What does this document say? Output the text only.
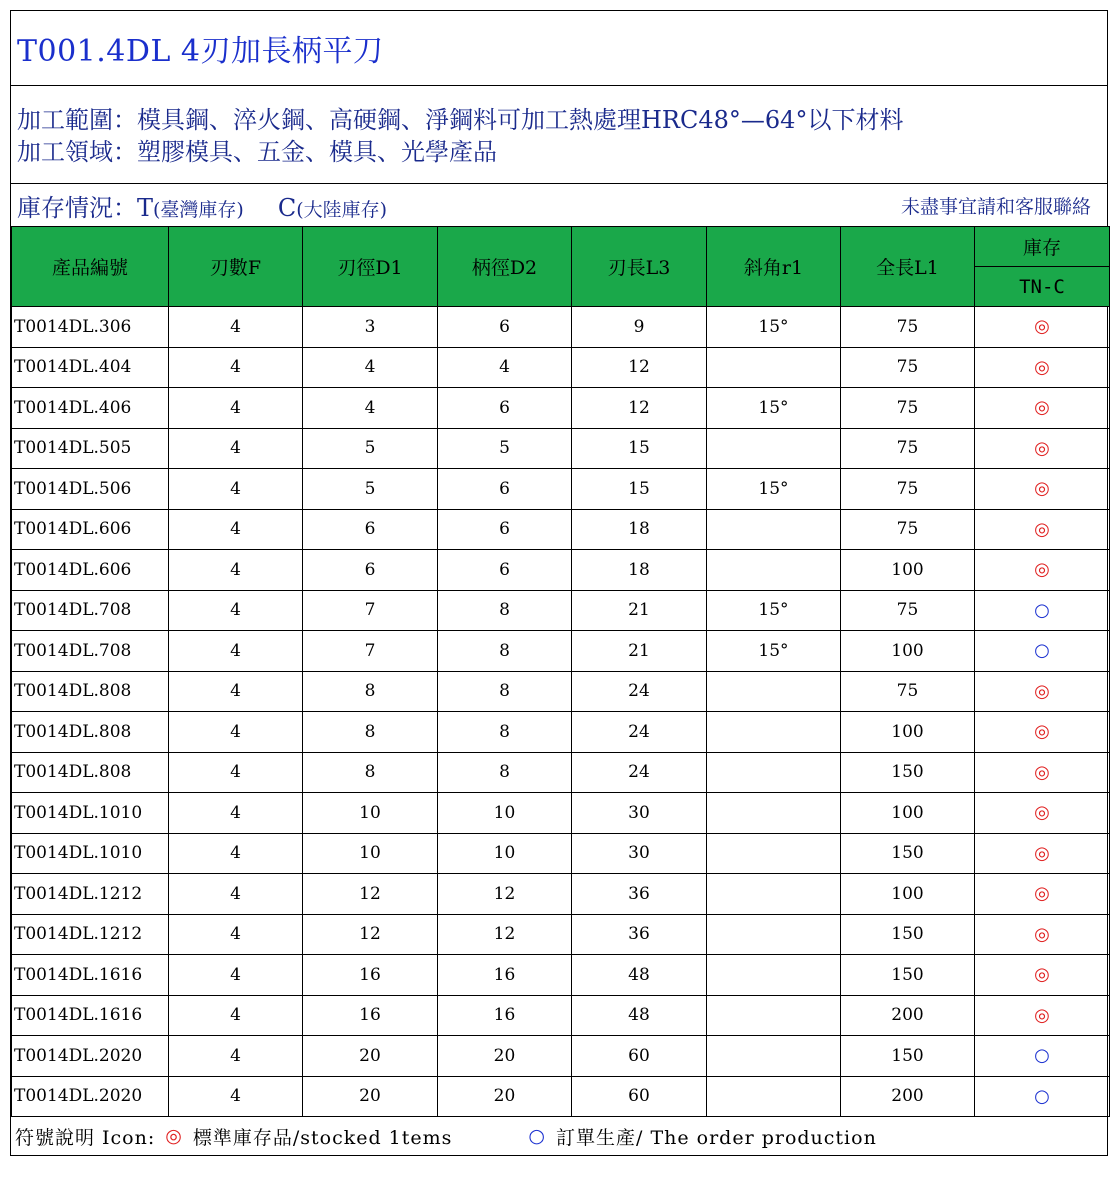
T001.4DL 4刃加長柄平刀
加工範圍：模具鋼、淬火鋼、高硬鋼、淨鋼料可加工熱處理HRC48°—64°以下材料
加工領域：塑膠模具、五金、模具、光學產品
庫存情況：T(臺灣庫存) C(大陸庫存)	未盡事宜請和客服聯絡
產品編號	刃數F	刃徑D1	柄徑D2	刃長L3	斜角r1	全長L1	庫存
							TN-C
T0014DL.306	4	3	6	9	15°	75	◎
T0014DL.404	4	4	4	12		75	◎
T0014DL.406	4	4	6	12	15°	75	◎
T0014DL.505	4	5	5	15		75	◎
T0014DL.506	4	5	6	15	15°	75	◎
T0014DL.606	4	6	6	18		75	◎
T0014DL.606	4	6	6	18		100	◎
T0014DL.708	4	7	8	21	15°	75	○
T0014DL.708	4	7	8	21	15°	100	○
T0014DL.808	4	8	8	24		75	◎
T0014DL.808	4	8	8	24		100	◎
T0014DL.808	4	8	8	24		150	◎
T0014DL.1010	4	10	10	30		100	◎
T0014DL.1010	4	10	10	30		150	◎
T0014DL.1212	4	12	12	36		100	◎
T0014DL.1212	4	12	12	36		150	◎
T0014DL.1616	4	16	16	48		150	◎
T0014DL.1616	4	16	16	48		200	◎
T0014DL.2020	4	20	20	60		150	○
T0014DL.2020	4	20	20	60		200	○
符號說明 Icon: ◎ 標準庫存品/stocked 1tems	○ 訂單生產/ The order production
